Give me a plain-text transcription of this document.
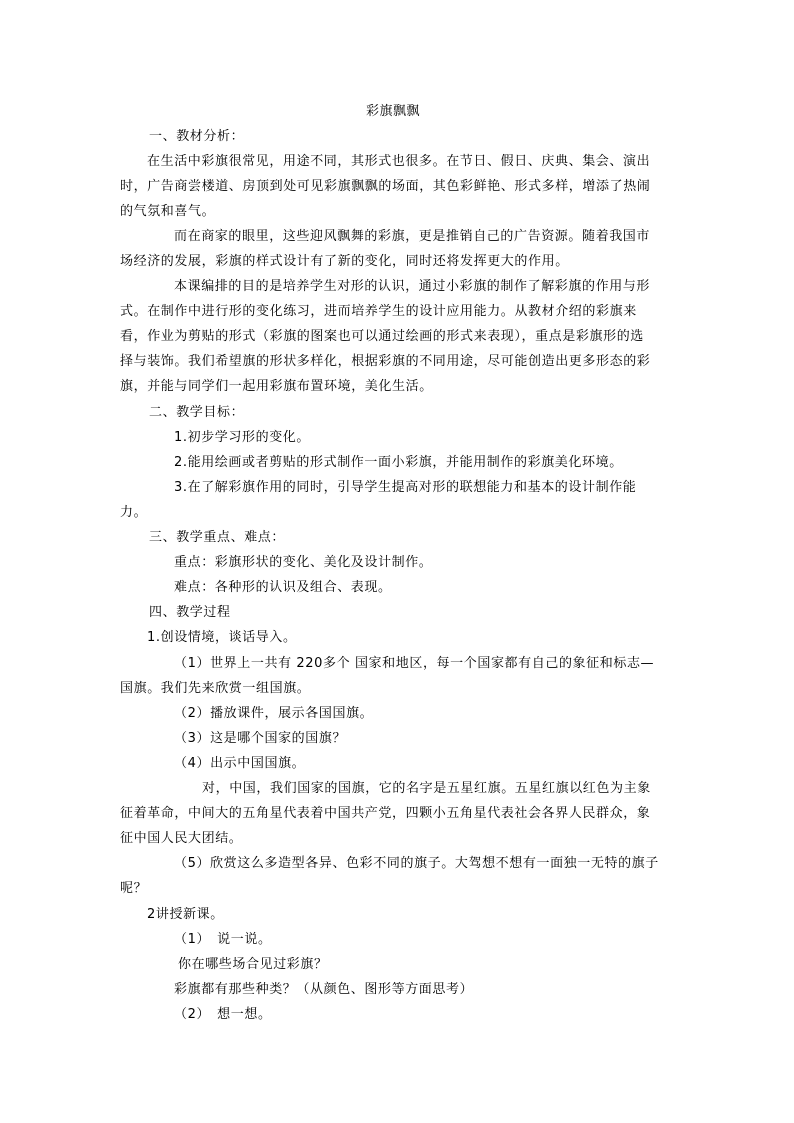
彩旗飘飘
一、教材分析：
在生活中彩旗很常见，用途不同，其形式也很多。在节日、假日、庆典、集会、演出
时，广告商尝楼道、房顶到处可见彩旗飘飘的场面，其色彩鲜艳、形式多样，增添了热闹
的气氛和喜气。
而在商家的眼里，这些迎风飘舞的彩旗，更是推销自己的广告资源。随着我国市
场经济的发展，彩旗的样式设计有了新的变化，同时还将发挥更大的作用。
本课编排的目的是培养学生对形的认识，通过小彩旗的制作了解彩旗的作用与形
式。在制作中进行形的变化练习，进而培养学生的设计应用能力。从教材介绍的彩旗来
看，作业为剪贴的形式（彩旗的图案也可以通过绘画的形式来表现），重点是彩旗形的选
择与装饰。我们希望旗的形状多样化，根据彩旗的不同用途，尽可能创造出更多形态的彩
旗，并能与同学们一起用彩旗布置环境，美化生活。
二、教学目标：
1.初步学习形的变化。
2.能用绘画或者剪贴的形式制作一面小彩旗，并能用制作的彩旗美化环境。
3.在了解彩旗作用的同时，引导学生提高对形的联想能力和基本的设计制作能
力。
三、教学重点、难点：
重点：彩旗形状的变化、美化及设计制作。
难点：各种形的认识及组合、表现。
四、教学过程
1.创设情境，谈话导入。
（1）世界上一共有 220多个 国家和地区，每一个国家都有自己的象征和标志—
国旗。我们先来欣赏一组国旗。
（2）播放课件，展示各国国旗。
（3）这是哪个国家的国旗？
（4）出示中国国旗。
对，中国，我们国家的国旗，它的名字是五星红旗。五星红旗以红色为主象
征着革命，中间大的五角星代表着中国共产党，四颗小五角星代表社会各界人民群众，象
征中国人民大团结。
（5）欣赏这么多造型各异、色彩不同的旗子。大驾想不想有一面独一无特的旗子
呢？
2讲授新课。
（1）　说一说。
你在哪些场合见过彩旗？
彩旗都有那些种类？（从颜色、图形等方面思考）
（2）　想一想。
